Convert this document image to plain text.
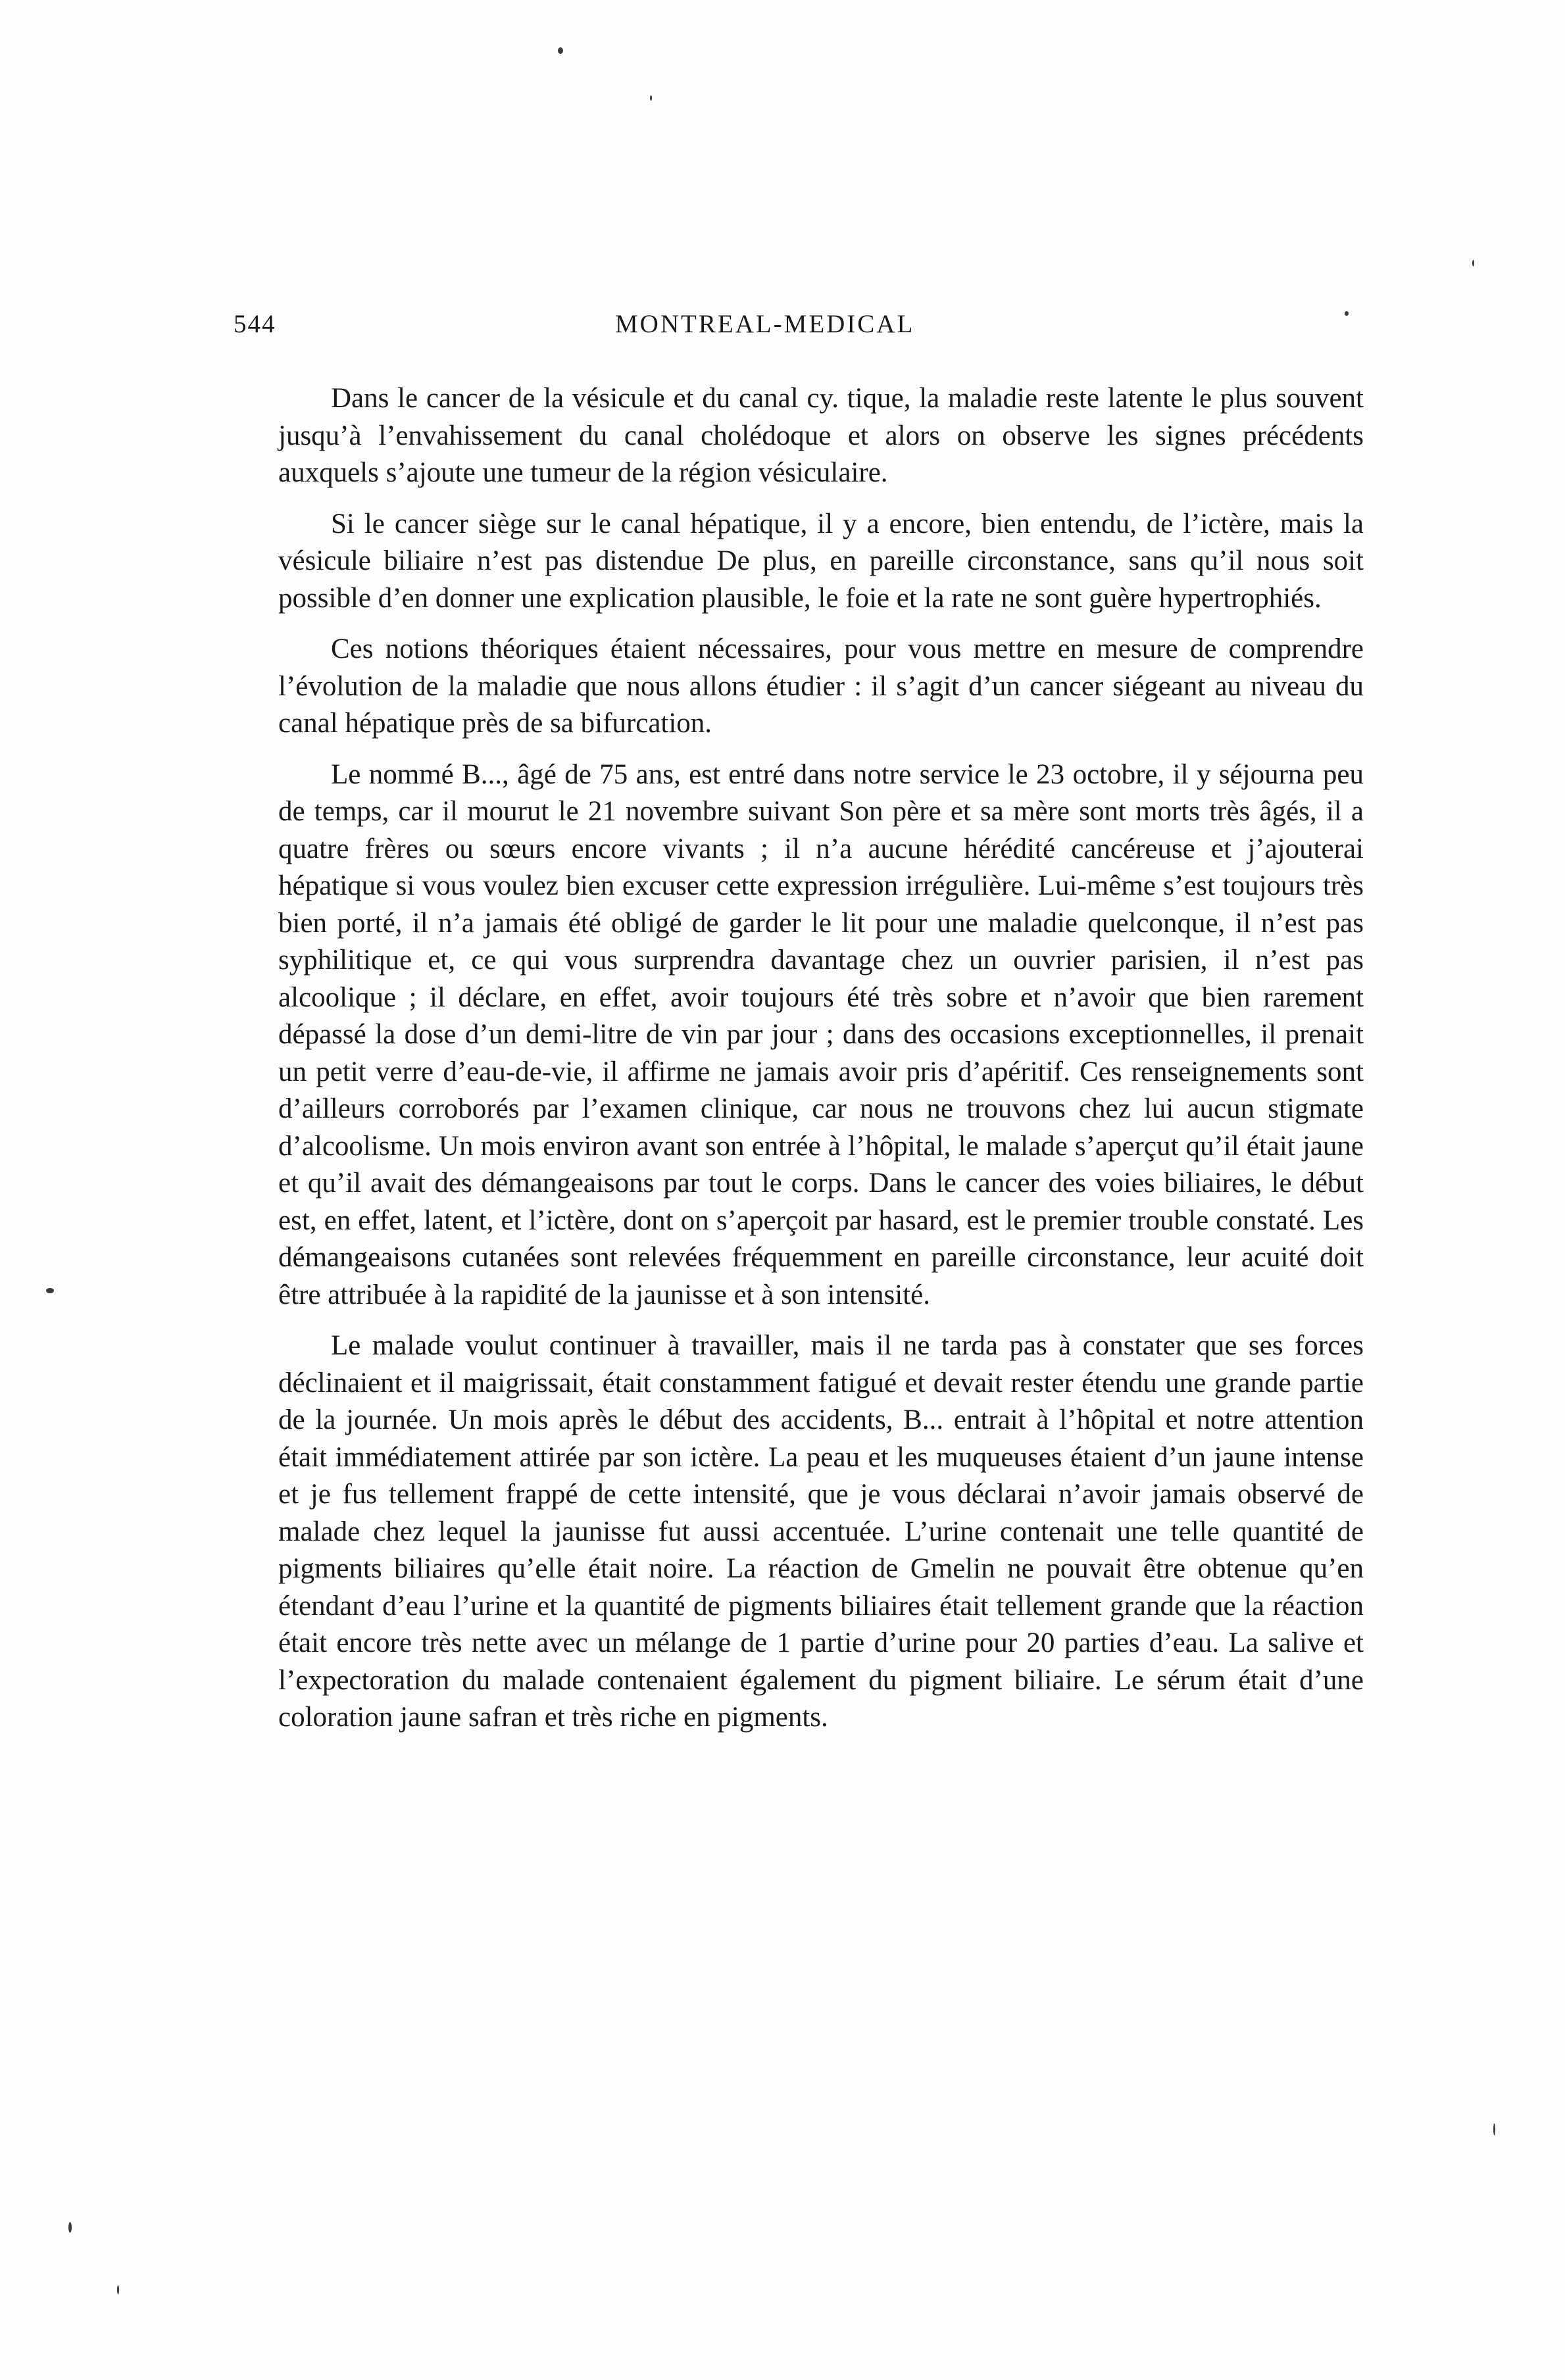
544	MONTREAL-MEDICAL

Dans le cancer de la vésicule et du canal cy. tique, la maladie reste latente le plus souvent jusqu’à l’envahissement du canal cholédoque et alors on observe les signes précédents auxquels s’ajoute une tumeur de la région vésiculaire.

Si le cancer siège sur le canal hépatique, il y a encore, bien entendu, de l’ictère, mais la vésicule biliaire n’est pas distendue De plus, en pareille circonstance, sans qu’il nous soit possible d’en donner une explication plausible, le foie et la rate ne sont guère hypertrophiés.

Ces notions théoriques étaient nécessaires, pour vous mettre en mesure de comprendre l’évolution de la maladie que nous allons étudier : il s’agit d’un cancer siégeant au niveau du canal hépatique près de sa bifurcation.

Le nommé B..., âgé de 75 ans, est entré dans notre service le 23 octobre, il y séjourna peu de temps, car il mourut le 21 novembre suivant Son père et sa mère sont morts très âgés, il a quatre frères ou sœurs encore vivants ; il n’a aucune hérédité cancéreuse et j’ajouterai hépatique si vous voulez bien excuser cette expression irrégulière. Lui-même s’est toujours très bien porté, il n’a jamais été obligé de garder le lit pour une maladie quelconque, il n’est pas syphilitique et, ce qui vous surprendra davantage chez un ouvrier parisien, il n’est pas alcoolique ; il déclare, en effet, avoir toujours été très sobre et n’avoir que bien rarement dépassé la dose d’un demi-litre de vin par jour ; dans des occasions exceptionnelles, il prenait un petit verre d’eau-de-vie, il affirme ne jamais avoir pris d’apéritif. Ces renseignements sont d’ailleurs corroborés par l’examen clinique, car nous ne trouvons chez lui aucun stigmate d’alcoolisme. Un mois environ avant son entrée à l’hôpital, le malade s’aperçut qu’il était jaune et qu’il avait des démangeaisons par tout le corps. Dans le cancer des voies biliaires, le début est, en effet, latent, et l’ictère, dont on s’aperçoit par hasard, est le premier trouble constaté. Les démangeaisons cutanées sont relevées fréquemment en pareille circonstance, leur acuité doit être attribuée à la rapidité de la jaunisse et à son intensité.

Le malade voulut continuer à travailler, mais il ne tarda pas à constater que ses forces déclinaient et il maigrissait, était constamment fatigué et devait rester étendu une grande partie de la journée. Un mois après le début des accidents, B... entrait à l’hôpital et notre attention était immédiatement attirée par son ictère. La peau et les muqueuses étaient d’un jaune intense et je fus tellement frappé de cette intensité, que je vous déclarai n’avoir jamais observé de malade chez lequel la jaunisse fut aussi accentuée. L’urine contenait une telle quantité de pigments biliaires qu’elle était noire. La réaction de Gmelin ne pouvait être obtenue qu’en étendant d’eau l’urine et la quantité de pigments biliaires était tellement grande que la réaction était encore très nette avec un mélange de 1 partie d’urine pour 20 parties d’eau. La salive et l’expectoration du malade contenaient également du pigment biliaire. Le sérum était d’une coloration jaune safran et très riche en pigments.
